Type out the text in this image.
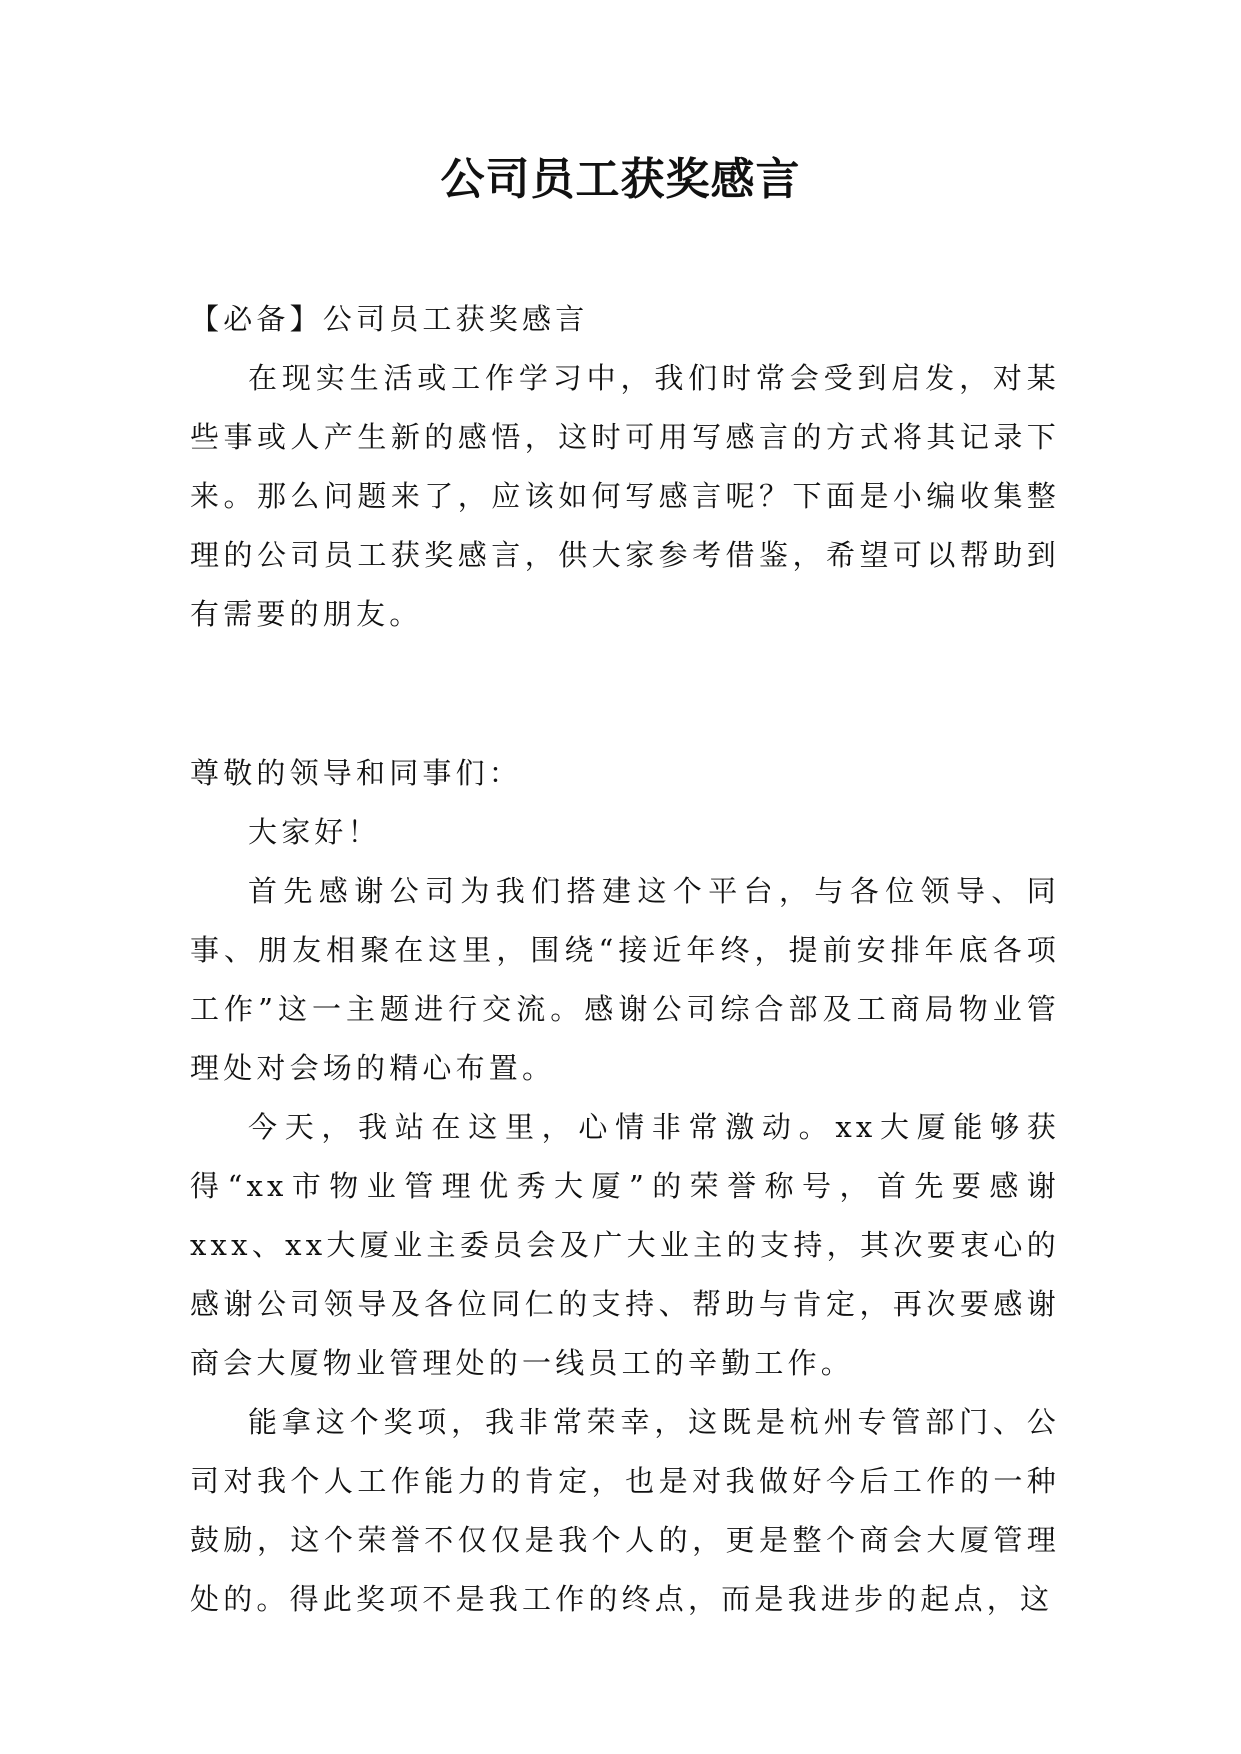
公司员工获奖感言

【必备】公司员工获奖感言

在现实生活或工作学习中，我们时常会受到启发，对某些事或人产生新的感悟，这时可用写感言的方式将其记录下来。那么问题来了，应该如何写感言呢？下面是小编收集整理的公司员工获奖感言，供大家参考借鉴，希望可以帮助到有需要的朋友。

尊敬的领导和同事们：

大家好！

首先感谢公司为我们搭建这个平台，与各位领导、同事、朋友相聚在这里，围绕“接近年终，提前安排年底各项工作”这一主题进行交流。感谢公司综合部及工商局物业管理处对会场的精心布置。

今天，我站在这里，心情非常激动。xx大厦能够获得“xx市物业管理优秀大厦”的荣誉称号，首先要感谢xxx、xx大厦业主委员会及广大业主的支持，其次要衷心的感谢公司领导及各位同仁的支持、帮助与肯定，再次要感谢商会大厦物业管理处的一线员工的辛勤工作。

能拿这个奖项，我非常荣幸，这既是杭州专管部门、公司对我个人工作能力的肯定，也是对我做好今后工作的一种鼓励，这个荣誉不仅仅是我个人的，更是整个商会大厦管理处的。得此奖项不是我工作的终点，而是我进步的起点，这
